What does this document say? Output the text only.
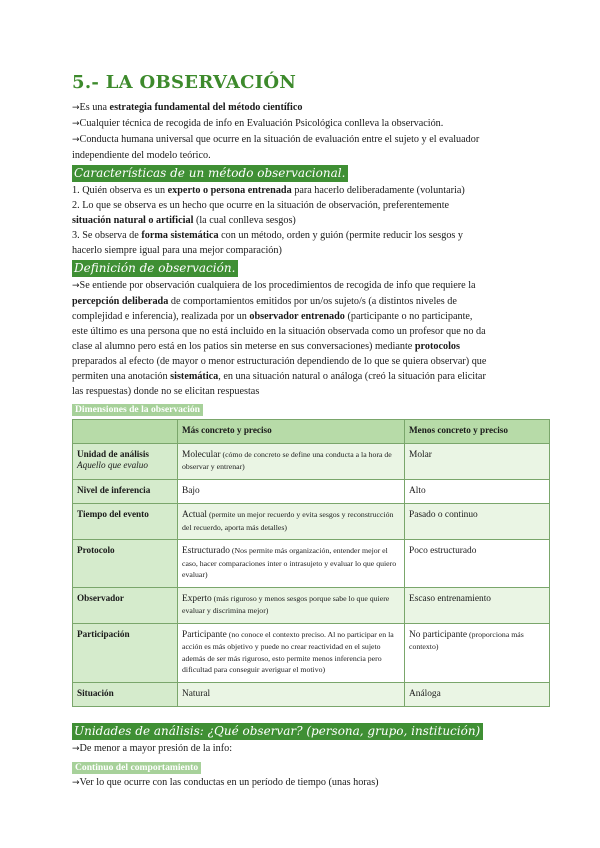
5.- LA OBSERVACIÓN

→Es una estrategia fundamental del método científico

→Cualquier técnica de recogida de info en Evaluación Psicológica conlleva la observación.

→Conducta humana universal que ocurre en la situación de evaluación entre el sujeto y el evaluador

independiente del modelo teórico.

Características de un método observacional.

1. Quién observa es un experto o persona entrenada para hacerlo deliberadamente (voluntaria)

2. Lo que se observa es un hecho que ocurre en la situación de observación, preferentemente

situación natural o artificial (la cual conlleva sesgos)

3. Se observa de forma sistemática con un método, orden y guión (permite reducir los sesgos y

hacerlo siempre igual para una mejor comparación)

Definición de observación.

→Se entiende por observación cualquiera de los procedimientos de recogida de info que requiere la

percepción deliberada de comportamientos emitidos por un/os sujeto/s (a distintos niveles de

complejidad e inferencia), realizada por un observador entrenado (participante o no participante,

este último es una persona que no está incluido en la situación observada como un profesor que no da

clase al alumno pero está en los patios sin meterse en sus conversaciones) mediante protocolos

preparados al efecto (de mayor o menor estructuración dependiendo de lo que se quiera observar) que

permiten una anotación sistemática, en una situación natural o análoga (creó la situación para elicitar

las respuestas) donde no se elicitan respuestas

Dimensiones de la observación
	Más concreto y preciso	Menos concreto y preciso
Unidad de análisis
Aquello que evaluo	Molecular (cómo de concreto se define una conducta a la hora de observar y entrenar)	Molar
Nivel de inferencia	Bajo	Alto
Tiempo del evento	Actual (permite un mejor recuerdo y evita sesgos y reconstrucción del recuerdo, aporta más detalles)	Pasado o continuo
Protocolo	Estructurado (Nos permite más organización, entender mejor el caso, hacer comparaciones inter o intrasujeto y evaluar lo que quiero evaluar)	Poco estructurado
Observador	Experto (más riguroso y menos sesgos porque sabe lo que quiere evaluar y discrimina mejor)	Escaso entrenamiento
Participación	Participante (no conoce el contexto preciso. Al no participar en la acción es más objetivo y puede no crear reactividad en el sujeto además de ser más riguroso, esto permite menos inferencia pero dificultad para conseguir averiguar el motivo)	No participante (proporciona más contexto)
Situación	Natural	Análoga
Unidades de análisis: ¿Qué observar? (persona, grupo, institución)

→De menor a mayor presión de la info:

Continuo del comportamiento

→Ver lo que ocurre con las conductas en un período de tiempo (unas horas)
